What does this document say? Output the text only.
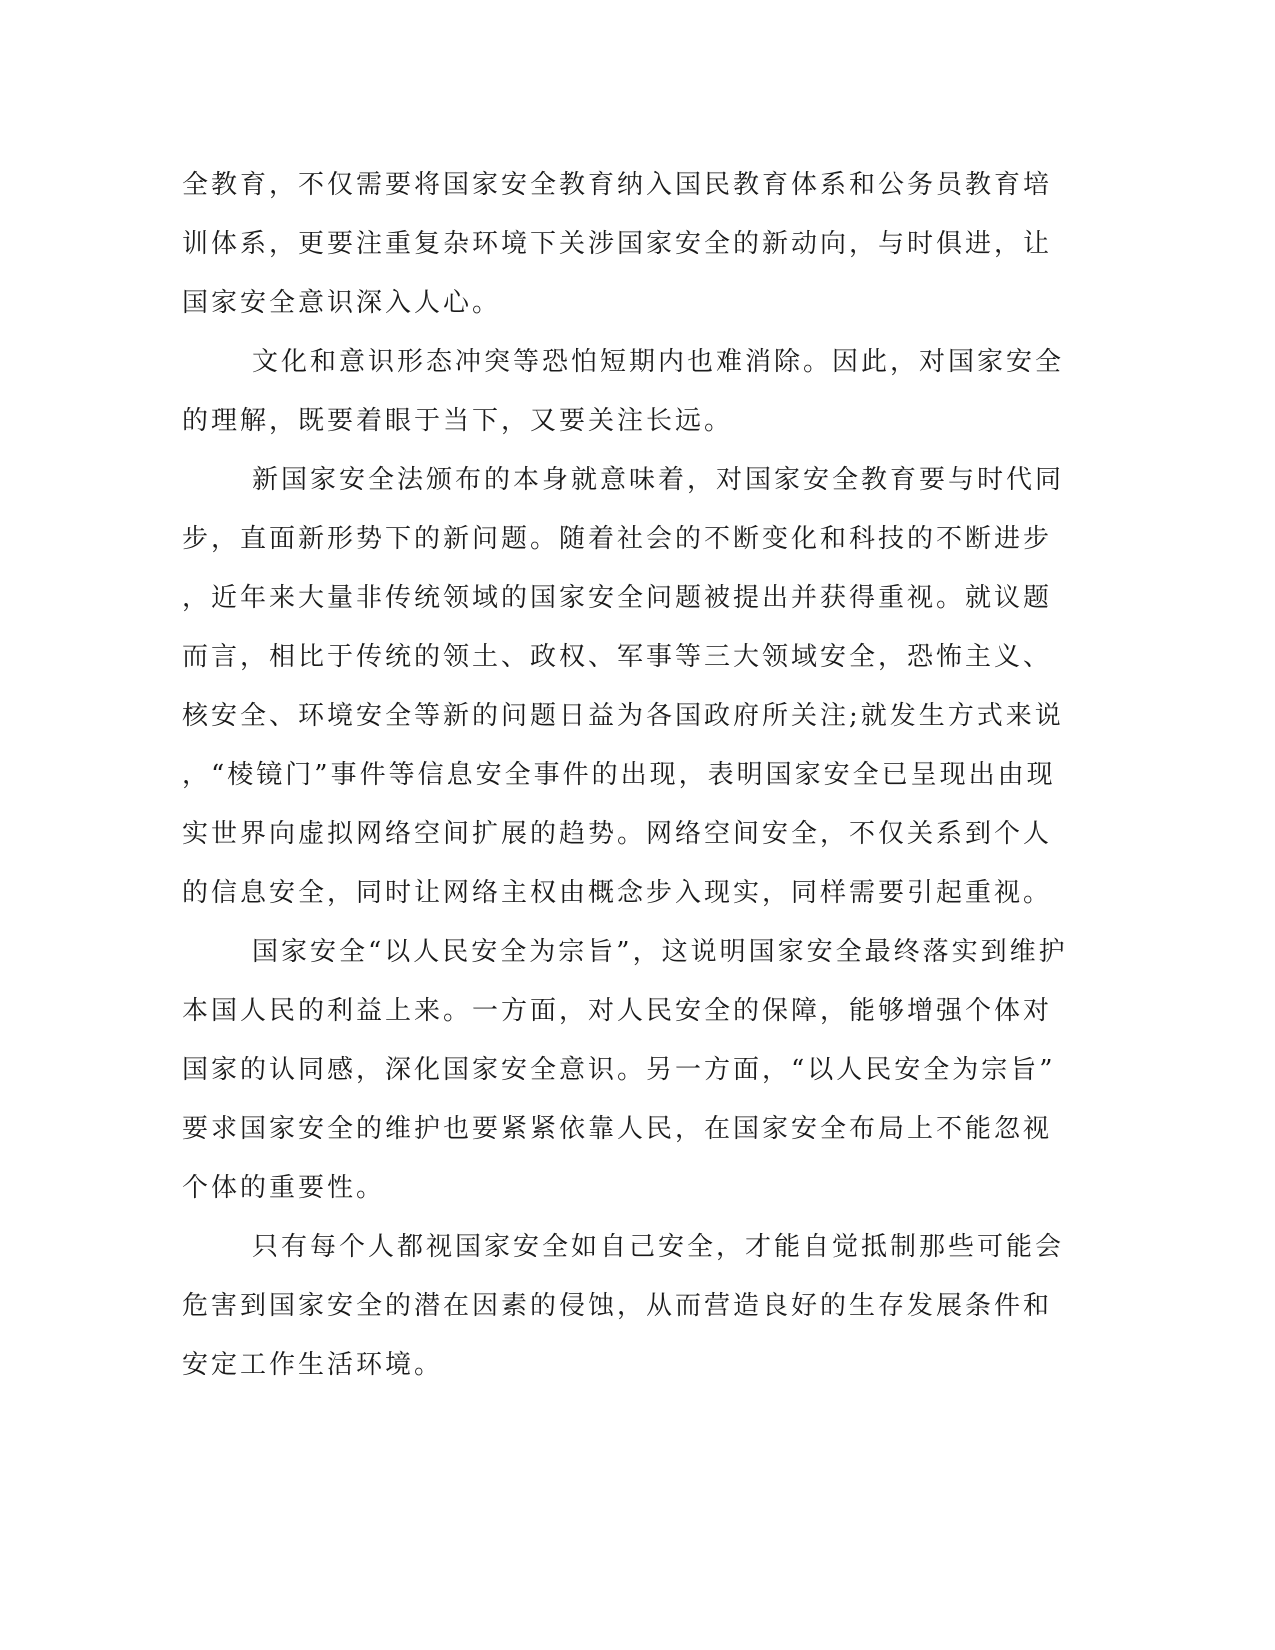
全教育，不仅需要将国家安全教育纳入国民教育体系和公务员教育培
训体系，更要注重复杂环境下关涉国家安全的新动向，与时俱进，让
国家安全意识深入人心。
文化和意识形态冲突等恐怕短期内也难消除。因此，对国家安全
的理解，既要着眼于当下，又要关注长远。
新国家安全法颁布的本身就意味着，对国家安全教育要与时代同
步，直面新形势下的新问题。随着社会的不断变化和科技的不断进步
，近年来大量非传统领域的国家安全问题被提出并获得重视。就议题
而言，相比于传统的领土、政权、军事等三大领域安全，恐怖主义、
核安全、环境安全等新的问题日益为各国政府所关注;就发生方式来说
，“棱镜门”事件等信息安全事件的出现，表明国家安全已呈现出由现
实世界向虚拟网络空间扩展的趋势。网络空间安全，不仅关系到个人
的信息安全，同时让网络主权由概念步入现实，同样需要引起重视。
国家安全“以人民安全为宗旨”，这说明国家安全最终落实到维护
本国人民的利益上来。一方面，对人民安全的保障，能够增强个体对
国家的认同感，深化国家安全意识。另一方面，“以人民安全为宗旨”
要求国家安全的维护也要紧紧依靠人民，在国家安全布局上不能忽视
个体的重要性。
只有每个人都视国家安全如自己安全，才能自觉抵制那些可能会
危害到国家安全的潜在因素的侵蚀，从而营造良好的生存发展条件和
安定工作生活环境。
